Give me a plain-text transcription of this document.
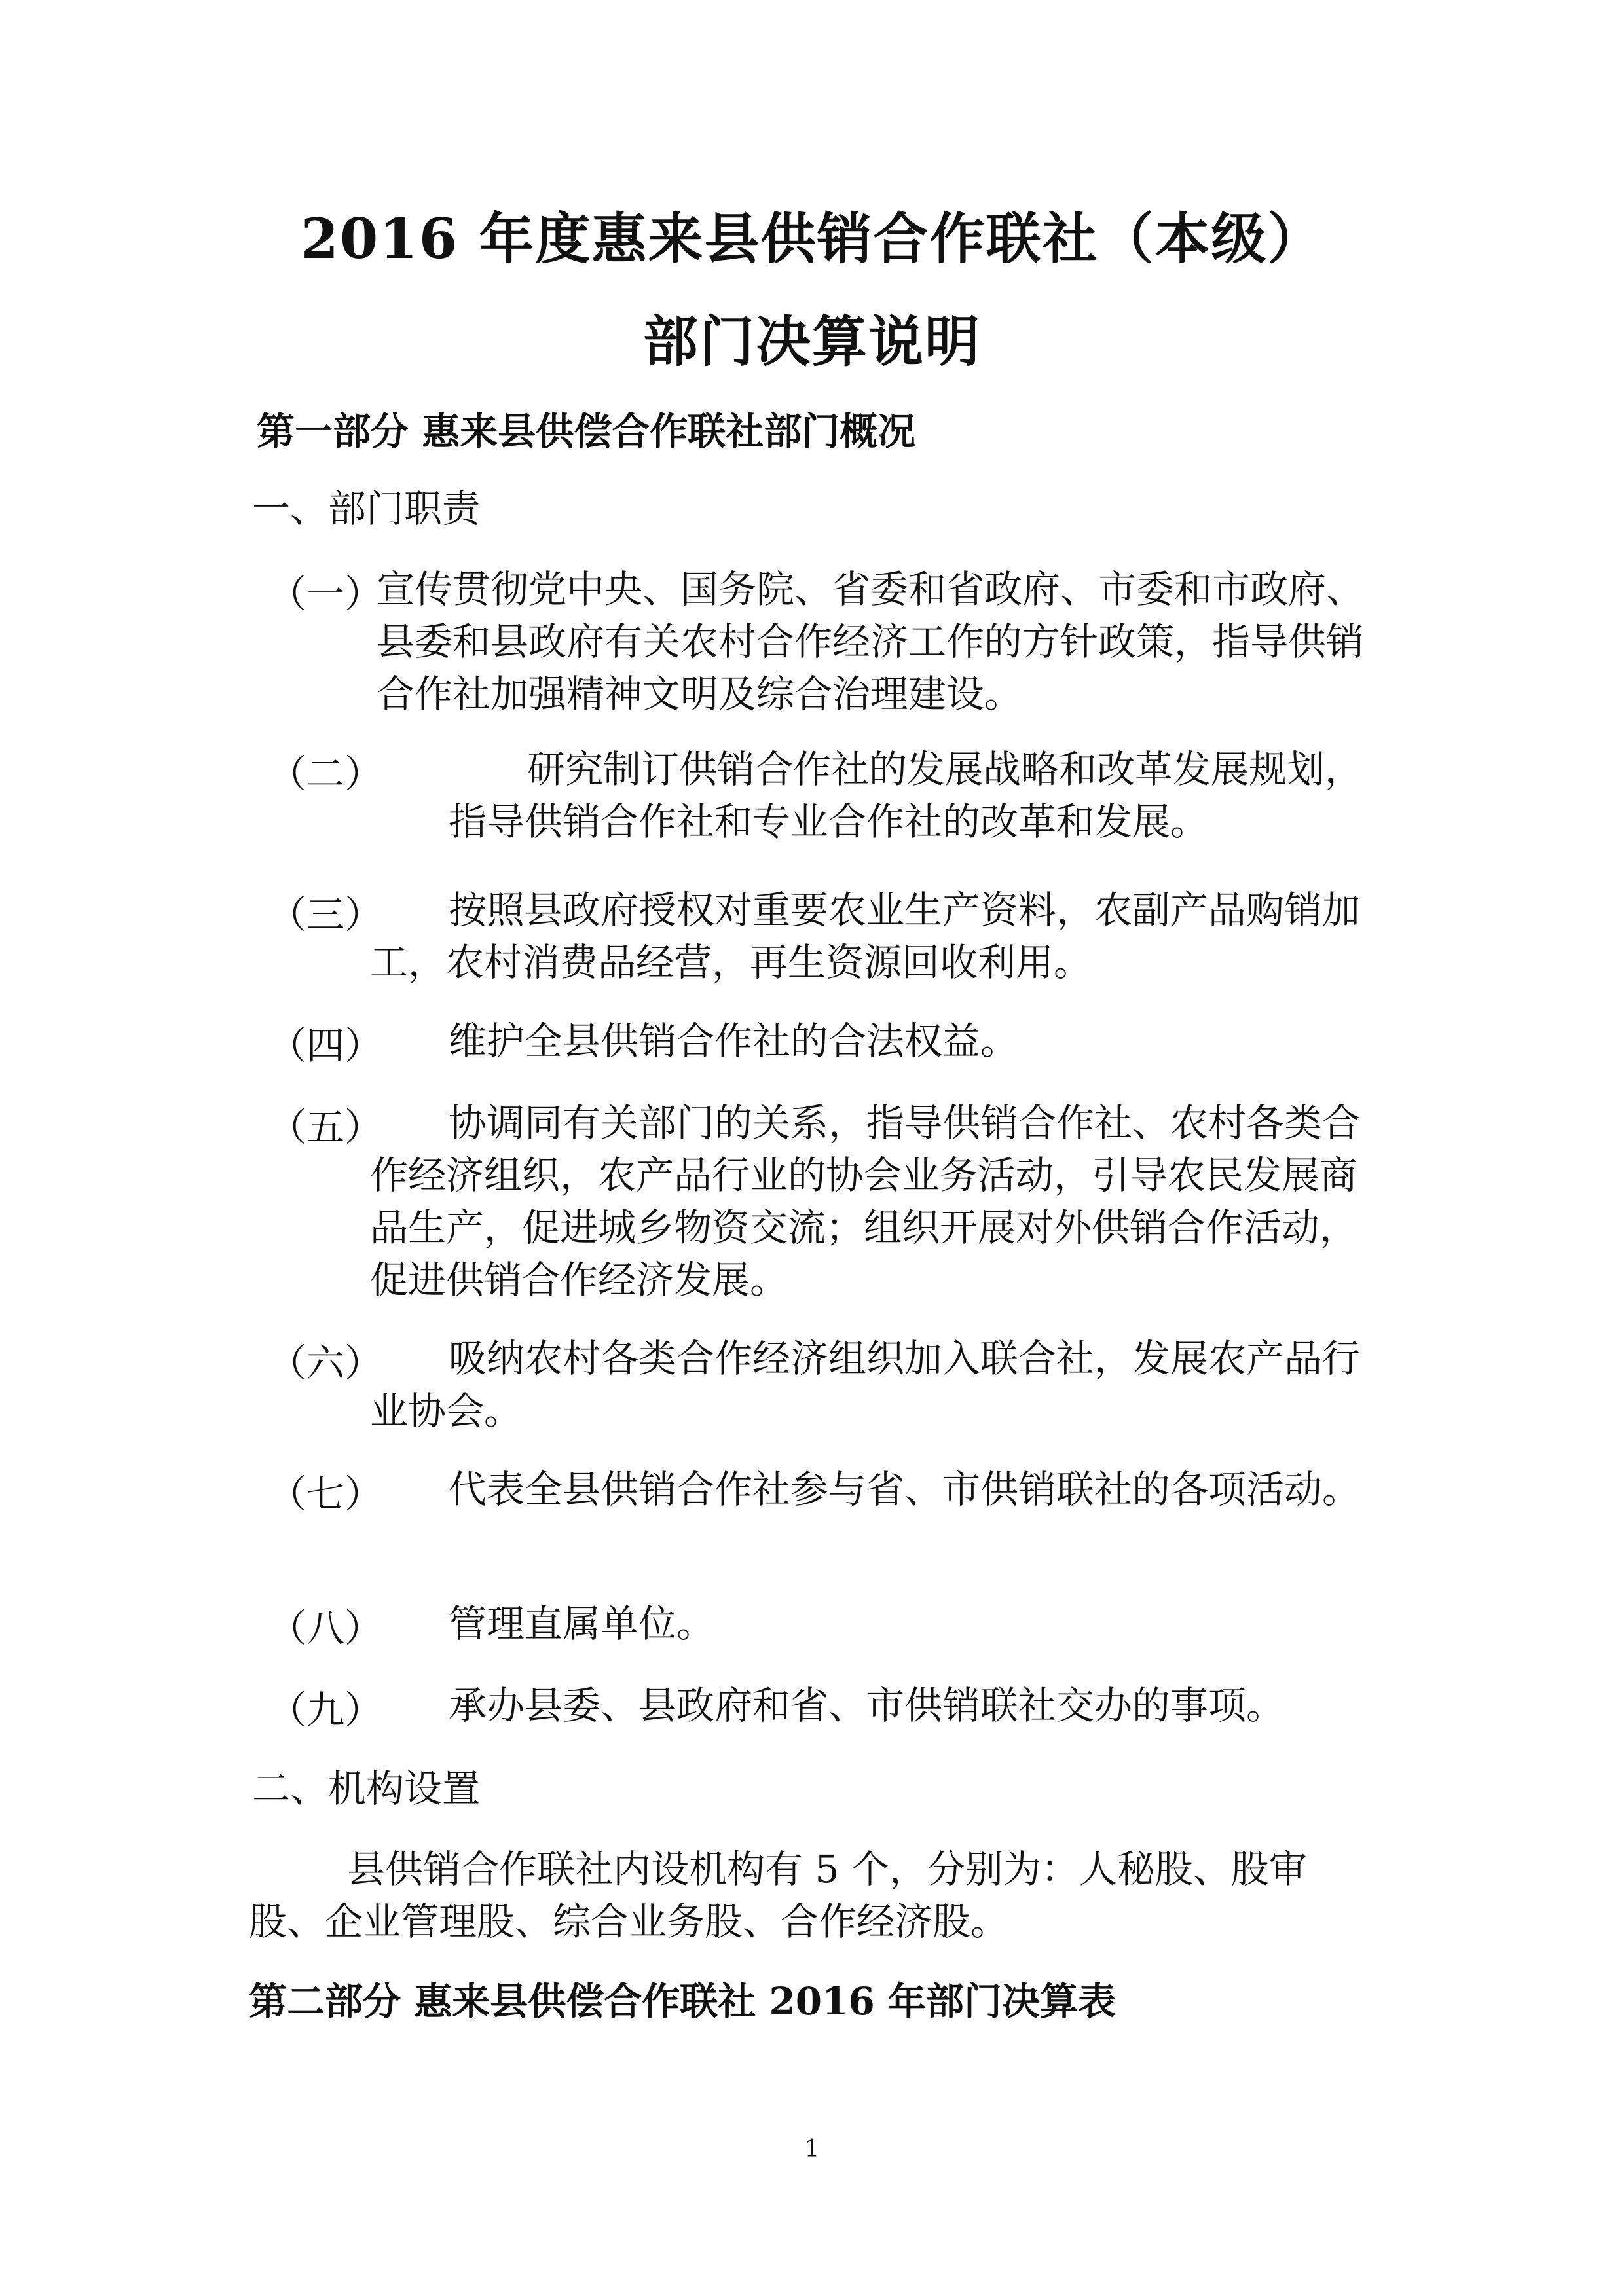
2016 年度惠来县供销合作联社（本级）
部门决算说明
第一部分 惠来县供偿合作联社部门概况
一、部门职责
（一）
宣传贯彻党中央、国务院、省委和省政府、市委和市政府、县委和县政府有关农村合作经济工作的方针政策，指导供销合作社加强精神文明及综合治理建设。
（二）	研究制订供销合作社的发展战略和改革发展规划，指导供销合作社和专业合作社的改革和发展。
（三）	按照县政府授权对重要农业生产资料，农副产品购销加工，农村消费品经营，再生资源回收利用。
（四）	维护全县供销合作社的合法权益。
（五）	协调同有关部门的关系，指导供销合作社、农村各类合作经济组织，农产品行业的协会业务活动，引导农民发展商品生产，促进城乡物资交流；组织开展对外供销合作活动，促进供销合作经济发展。
（六）	吸纳农村各类合作经济组织加入联合社，发展农产品行业协会。
（七）	代表全县供销合作社参与省、市供销联社的各项活动。
（八）	管理直属单位。
（九）	承办县委、县政府和省、市供销联社交办的事项。
二、机构设置
县供销合作联社内设机构有 5 个，分别为：人秘股、股审股、企业管理股、综合业务股、合作经济股。
第二部分 惠来县供偿合作联社 2016 年部门决算表
1
